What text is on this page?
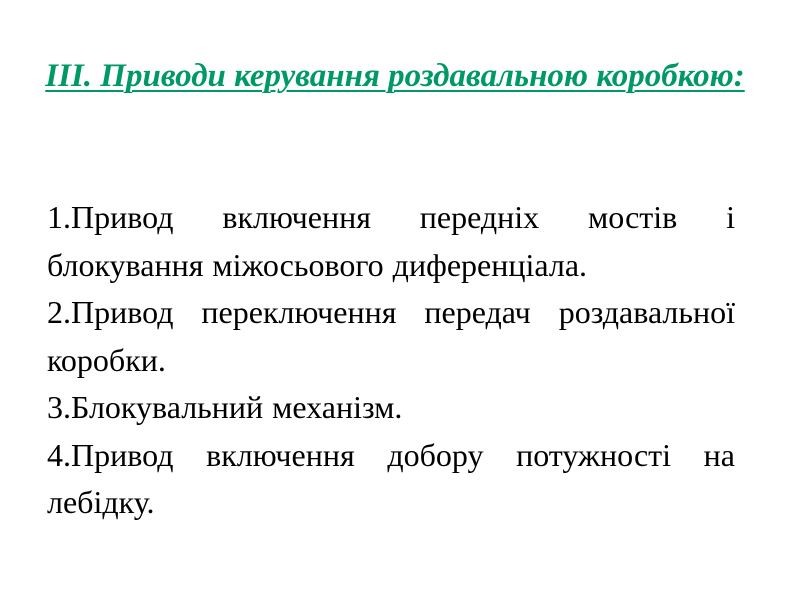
ІІІ. Приводи керування роздавальною коробкою:
1.Привод включення передніх мостів і блокування міжосьового диференціала.
2.Привод переключення передач роздавальної коробки.
3.Блокувальний механізм.
4.Привод включення добору потужності на лебідку.
